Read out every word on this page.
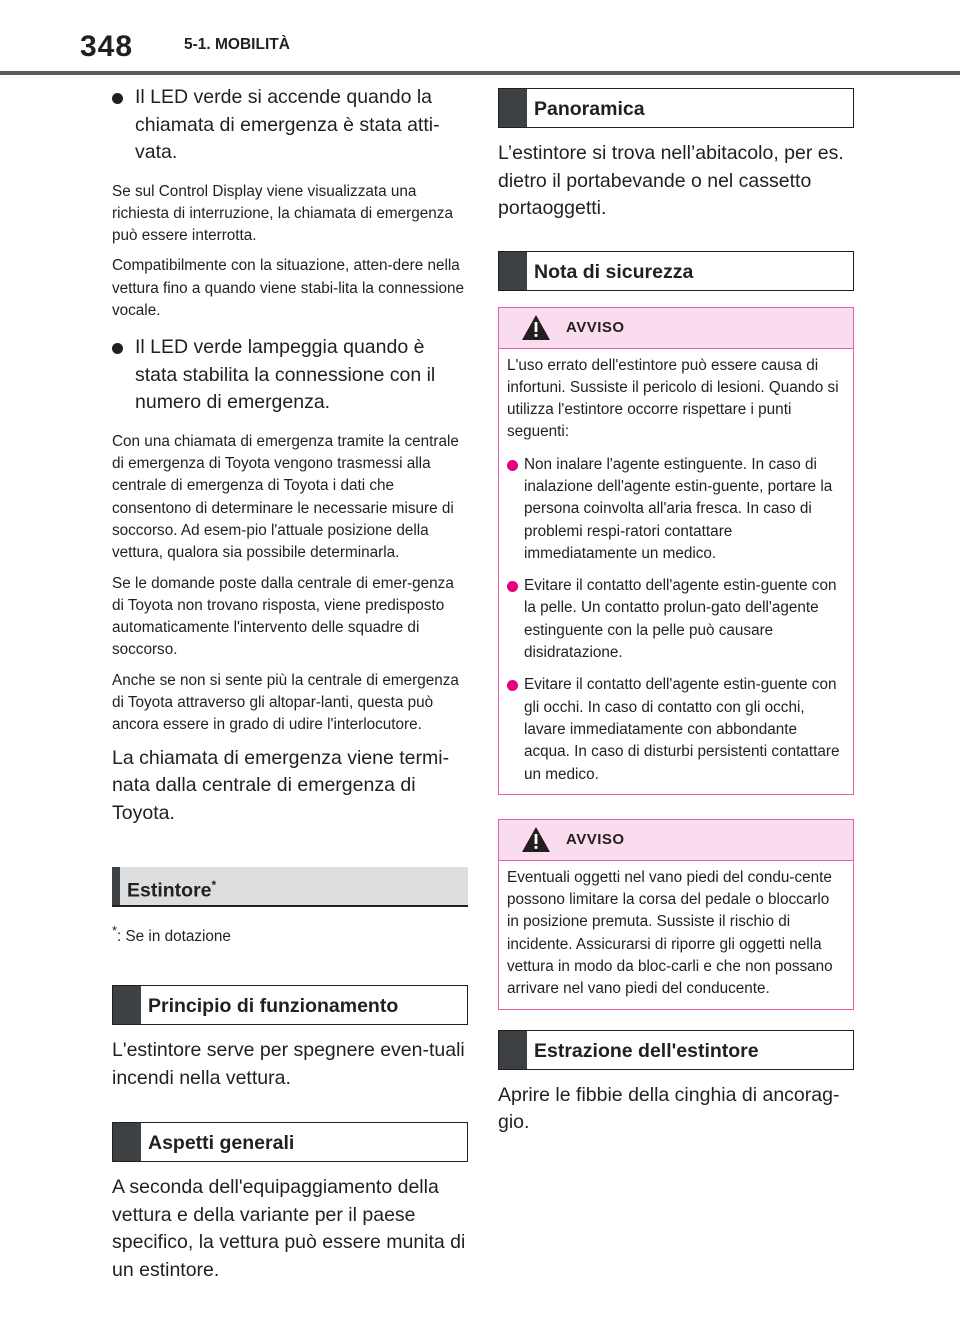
348	5-1. MOBILITÀ
Il LED verde si accende quando la chiamata di emergenza è stata atti-vata.

Se sul Control Display viene visualizzata una richiesta di interruzione, la chiamata di emergenza può essere interrotta.

Compatibilmente con la situazione, atten-dere nella vettura fino a quando viene stabi-lita la connessione vocale.

Il LED verde lampeggia quando è stata stabilita la connessione con il numero di emergenza.

Con una chiamata di emergenza tramite la centrale di emergenza di Toyota vengono trasmessi alla centrale di emergenza di Toyota i dati che consentono di determinare le necessarie misure di soccorso. Ad esem-pio l'attuale posizione della vettura, qualora sia possibile determinarla.

Se le domande poste dalla centrale di emer-genza di Toyota non trovano risposta, viene predisposto automaticamente l'intervento delle squadre di soccorso.

Anche se non si sente più la centrale di emergenza di Toyota attraverso gli altopar-lanti, questa può ancora essere in grado di udire l'interlocutore.

La chiamata di emergenza viene termi-nata dalla centrale di emergenza di Toyota.

Estintore*

*: Se in dotazione

Principio di funzionamento

L'estintore serve per spegnere even-tuali incendi nella vettura.

Aspetti generali

A seconda dell'equipaggiamento della vettura e della variante per il paese specifico, la vettura può essere munita di un estintore.

Panoramica

L’estintore si trova nell’abitacolo, per es. dietro il portabevande o nel cassetto portaoggetti.

Nota di sicurezza
AVVISO

L'uso errato dell'estintore può essere causa di infortuni. Sussiste il pericolo di lesioni. Quando si utilizza l'estintore occorre rispettare i punti seguenti:

Non inalare l'agente estinguente. In caso di inalazione dell'agente estin-guente, portare la persona coinvolta all'aria fresca. In caso di problemi respi-ratori contattare immediatamente un medico.
Evitare il contatto dell'agente estin-guente con la pelle. Un contatto prolun-gato dell'agente estinguente con la pelle può causare disidratazione.
Evitare il contatto dell'agente estin-guente con gli occhi. In caso di contatto con gli occhi, lavare immediatamente con abbondante acqua. In caso di disturbi persistenti contattare un medico.
AVVISO

Eventuali oggetti nel vano piedi del condu-cente possono limitare la corsa del pedale o bloccarlo in posizione premuta. Sussiste il rischio di incidente. Assicurarsi di riporre gli oggetti nella vettura in modo da bloc-carli e che non possano arrivare nel vano piedi del conducente.

Estrazione dell'estintore

Aprire le fibbie della cinghia di ancorag-gio.
